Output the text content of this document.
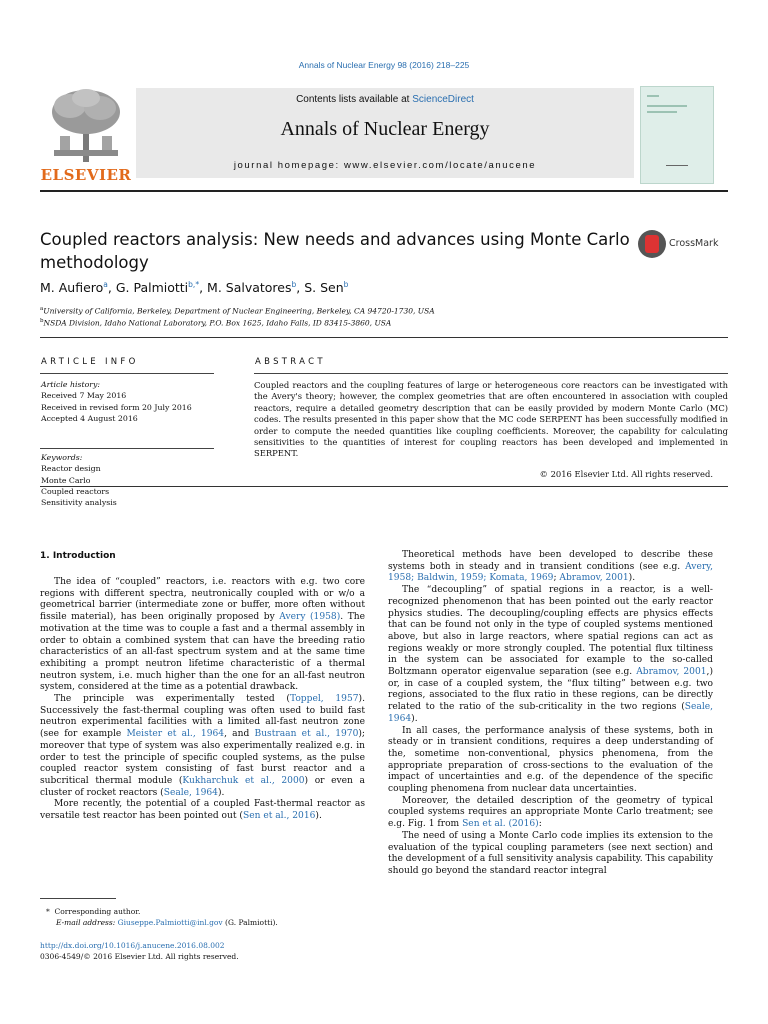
Annals of Nuclear Energy 98 (2016) 218–225
ELSEVIER
Contents lists available at ScienceDirect
Annals of Nuclear Energy
journal homepage: www.elsevier.com/locate/anucene
Coupled reactors analysis: New needs and advances using Monte Carlo methodology
CrossMark
M. Aufiero$^a$, G. Palmiotti$^{b,*}$, M. Salvatores$^b$, S. Sen$^b$
$^a$University of California, Berkeley, Department of Nuclear Engineering, Berkeley, CA 94720-1730, USA
$^b$NSDA Division, Idaho National Laboratory, P.O. Box 1625, Idaho Falls, ID 83415-3860, USA
ARTICLE INFO
Article history:
Received 7 May 2016
Received in revised form 20 July 2016
Accepted 4 August 2016
Keywords:
Reactor design
Monte Carlo
Coupled reactors
Sensitivity analysis
ABSTRACT
Coupled reactors and the coupling features of large or heterogeneous core reactors can be investigated with the Avery's theory; however, the complex geometries that are often encountered in association with coupled reactors, require a detailed geometry description that can be easily provided by modern Monte Carlo (MC) codes. The results presented in this paper show that the MC code SERPENT has been successfully modified in order to compute the needed quantities like coupling coefficients. Moreover, the capability for calculating sensitivities to the quantities of interest for coupling reactors has been developed and implemented in SERPENT.
© 2016 Elsevier Ltd. All rights reserved.
1. Introduction

The idea of “coupled” reactors, i.e. reactors with e.g. two core regions with different spectra, neutronically coupled with or w/o a geometrical barrier (intermediate zone or buffer, more often without fissile material), has been originally proposed by Avery (1958). The motivation at the time was to couple a fast and a thermal assembly in order to obtain a combined system that can have the breeding ratio characteristics of an all-fast spectrum system and at the same time exhibiting a prompt neutron lifetime characteristic of a thermal neutron system, i.e. much higher than the one for an all-fast neutron system, considered at the time as a potential drawback.

The principle was experimentally tested (Toppel, 1957). Successively the fast-thermal coupling was often used to build fast neutron experimental facilities with a limited all-fast neutron zone (see for example Meister et al., 1964, and Bustraan et al., 1970); moreover that type of system was also experimentally realized e.g. in order to test the principle of specific coupled systems, as the pulse coupled reactor system consisting of fast burst reactor and a subcritical thermal module (Kukharchuk et al., 2000) or even a cluster of rocket reactors (Seale, 1964).

More recently, the potential of a coupled Fast-thermal reactor as versatile test reactor has been pointed out (Sen et al., 2016).

* Corresponding author.
E-mail address: Giuseppe.Palmiotti@inl.gov (G. Palmiotti).
http://dx.doi.org/10.1016/j.anucene.2016.08.002
0306-4549/© 2016 Elsevier Ltd. All rights reserved.

Theoretical methods have been developed to describe these systems both in steady and in transient conditions (see e.g. Avery, 1958; Baldwin, 1959; Komata, 1969; Abramov, 2001).

The “decoupling” of spatial regions in a reactor, is a well-recognized phenomenon that has been pointed out the early reactor physics studies. The decoupling/coupling effects are physics effects that can be found not only in the type of coupled systems mentioned above, but also in large reactors, where spatial regions can act as regions weakly or more strongly coupled. The potential flux tiltiness in the system can be associated for example to the so-called Boltzmann operator eigenvalue separation (see e.g. Abramov, 2001,) or, in case of a coupled system, the “flux tilting” between e.g. two regions, associated to the flux ratio in these regions, can be directly related to the ratio of the sub-criticality in the two regions (Seale, 1964).

In all cases, the performance analysis of these systems, both in steady or in transient conditions, requires a deep understanding of the, sometime non-conventional, physics phenomena, from the appropriate preparation of cross-sections to the evaluation of the impact of uncertainties and e.g. of the dependence of the specific coupling phenomena from nuclear data uncertainties.

Moreover, the detailed description of the geometry of typical coupled systems requires an appropriate Monte Carlo treatment; see e.g. Fig. 1 from Sen et al. (2016):

The need of using a Monte Carlo code implies its extension to the evaluation of the typical coupling parameters (see next section) and the development of a full sensitivity analysis capability. This capability should go beyond the standard reactor integral
